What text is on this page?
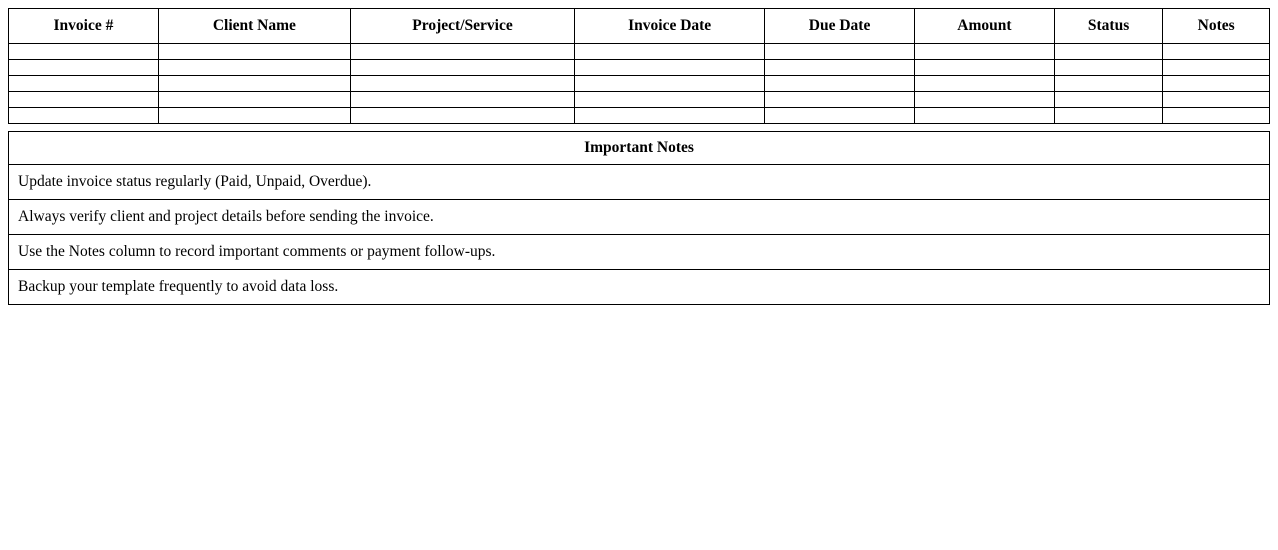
Invoice #	Client Name	Project/Service	Invoice Date	Due Date	Amount	Status	Notes

Important Notes
Update invoice status regularly (Paid, Unpaid, Overdue).
Always verify client and project details before sending the invoice.
Use the Notes column to record important comments or payment follow-ups.
Backup your template frequently to avoid data loss.
